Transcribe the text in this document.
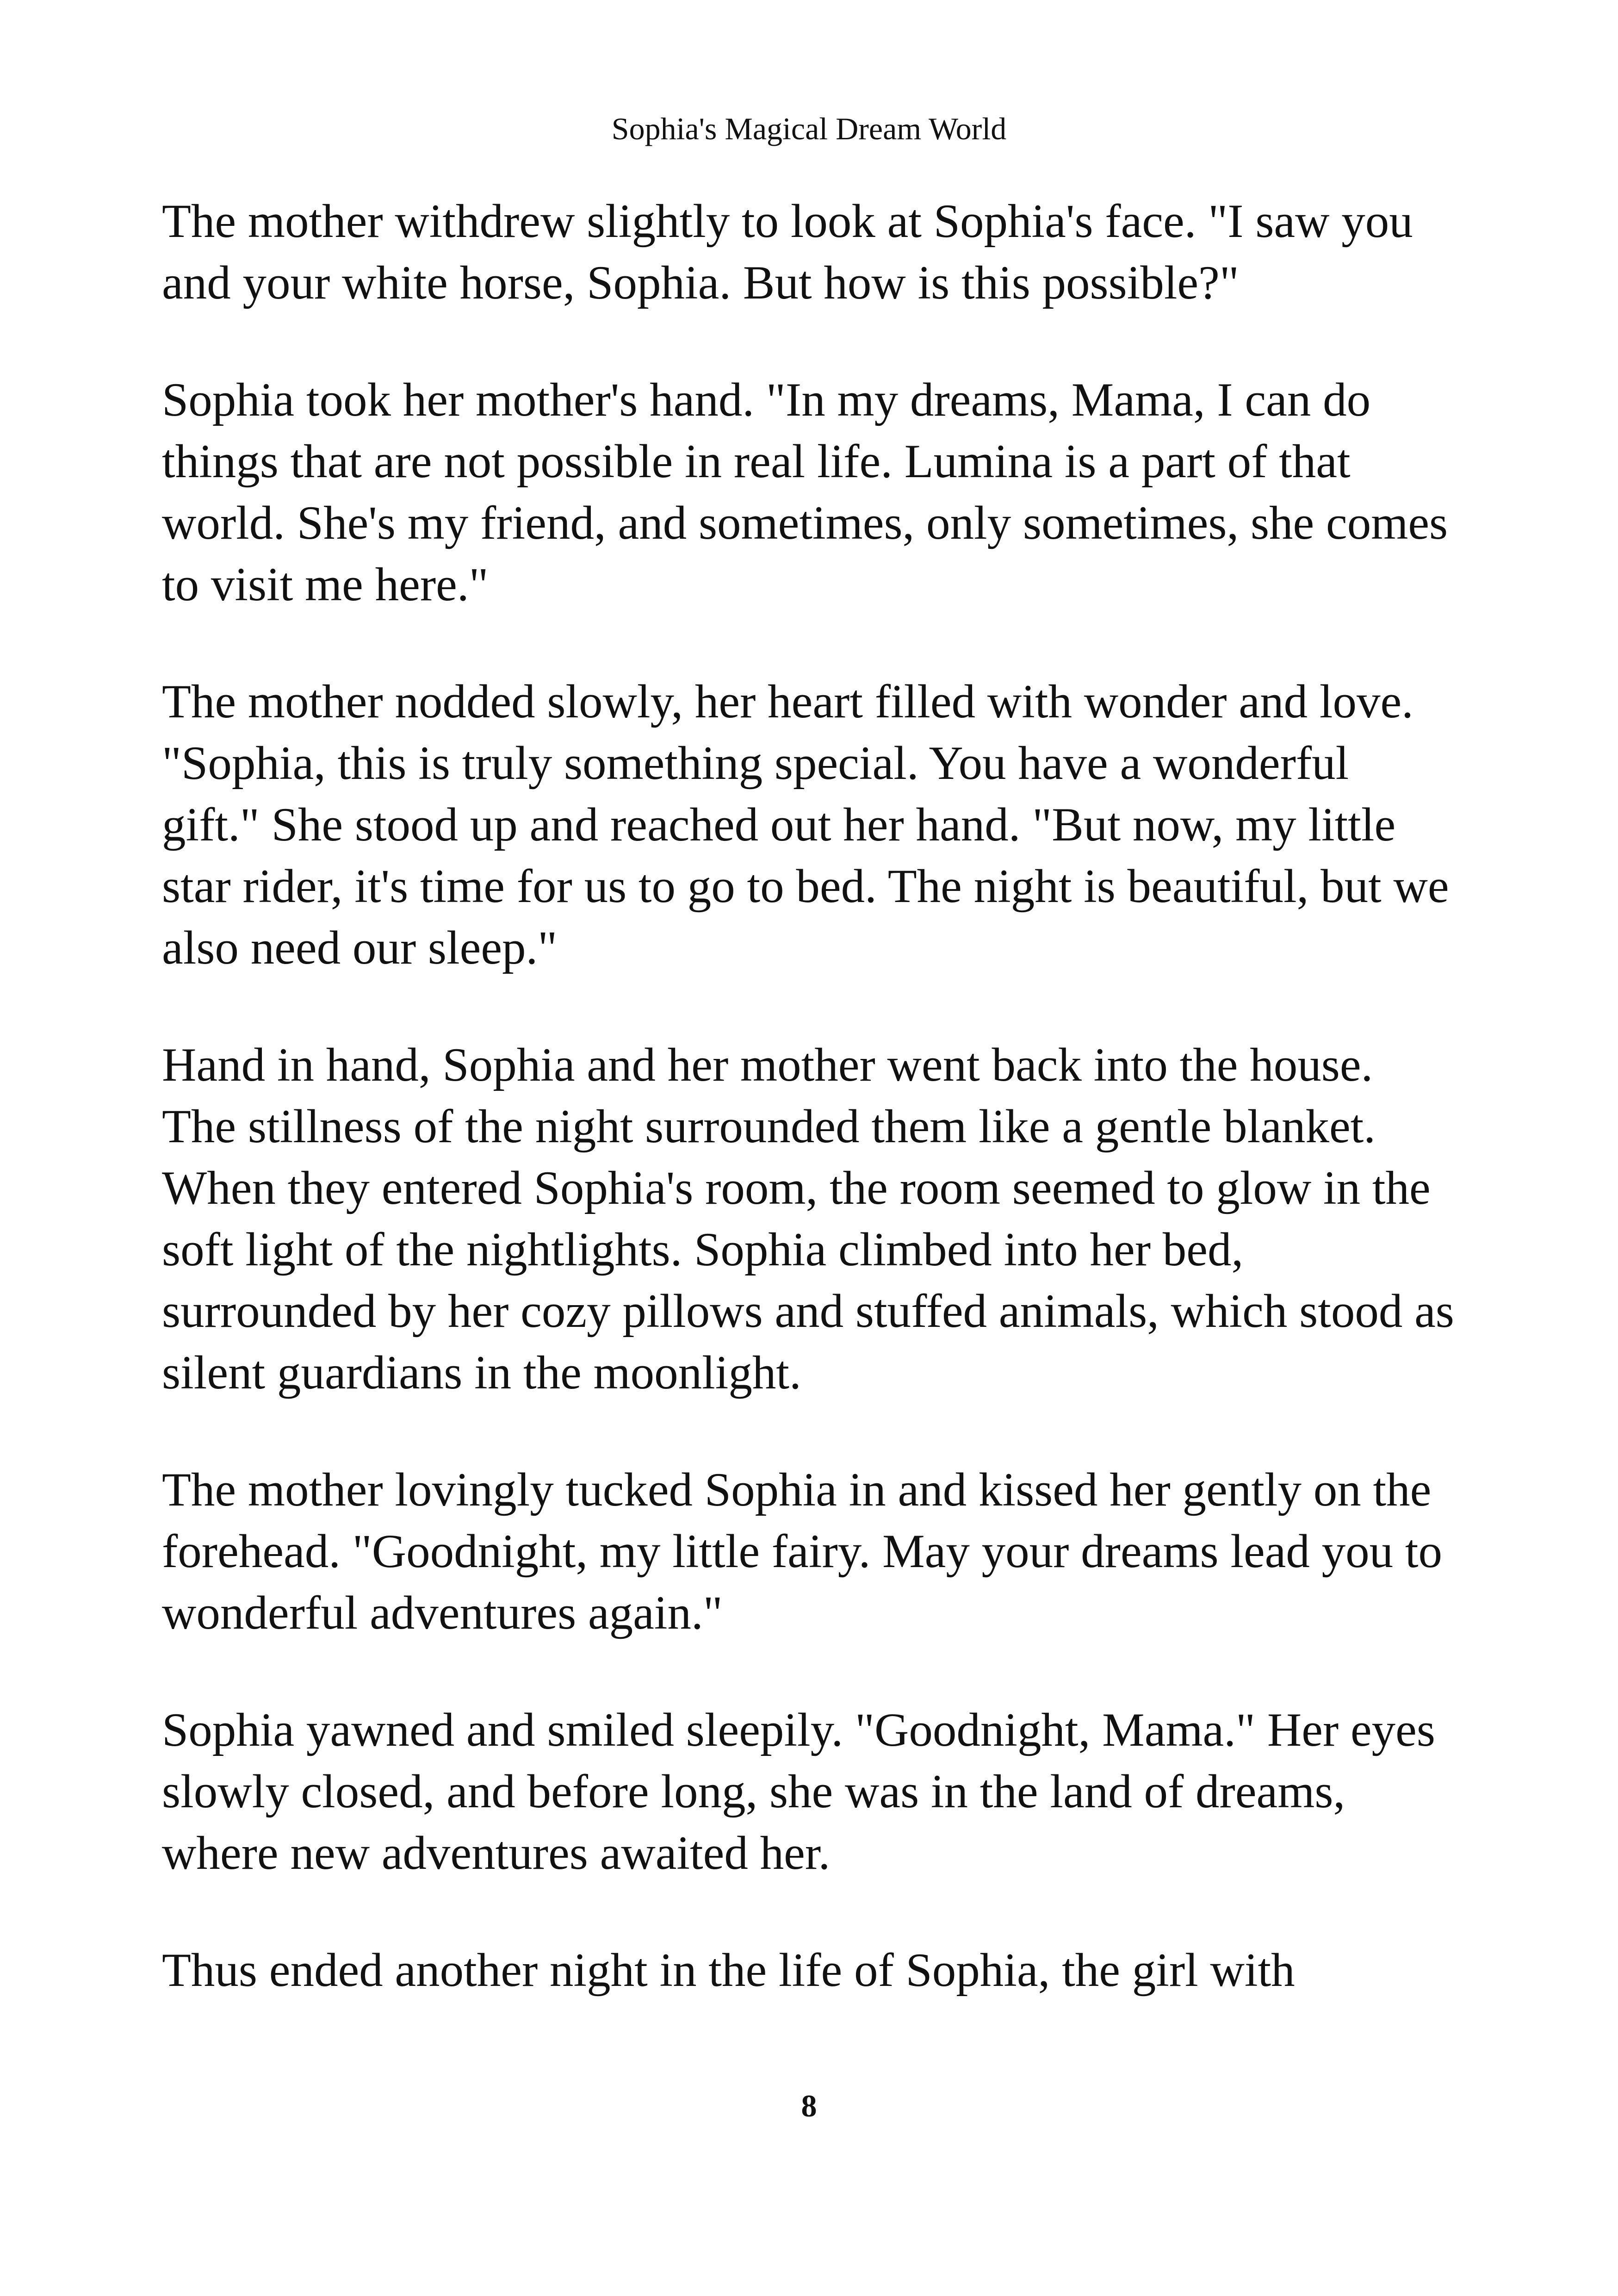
Sophia's Magical Dream World

The mother withdrew slightly to look at Sophia's face. "I saw you and your white horse, Sophia. But how is this possible?"

Sophia took her mother's hand. "In my dreams, Mama, I can do things that are not possible in real life. Lumina is a part of that world. She's my friend, and sometimes, only sometimes, she comes to visit me here."

The mother nodded slowly, her heart filled with wonder and love. "Sophia, this is truly something special. You have a wonderful gift." She stood up and reached out her hand. "But now, my little star rider, it's time for us to go to bed. The night is beautiful, but we also need our sleep."

Hand in hand, Sophia and her mother went back into the house. The stillness of the night surrounded them like a gentle blanket. When they entered Sophia's room, the room seemed to glow in the soft light of the nightlights. Sophia climbed into her bed, surrounded by her cozy pillows and stuffed animals, which stood as silent guardians in the moonlight.

The mother lovingly tucked Sophia in and kissed her gently on the forehead. "Goodnight, my little fairy. May your dreams lead you to wonderful adventures again."

Sophia yawned and smiled sleepily. "Goodnight, Mama." Her eyes slowly closed, and before long, she was in the land of dreams, where new adventures awaited her.

Thus ended another night in the life of Sophia, the girl with

8
